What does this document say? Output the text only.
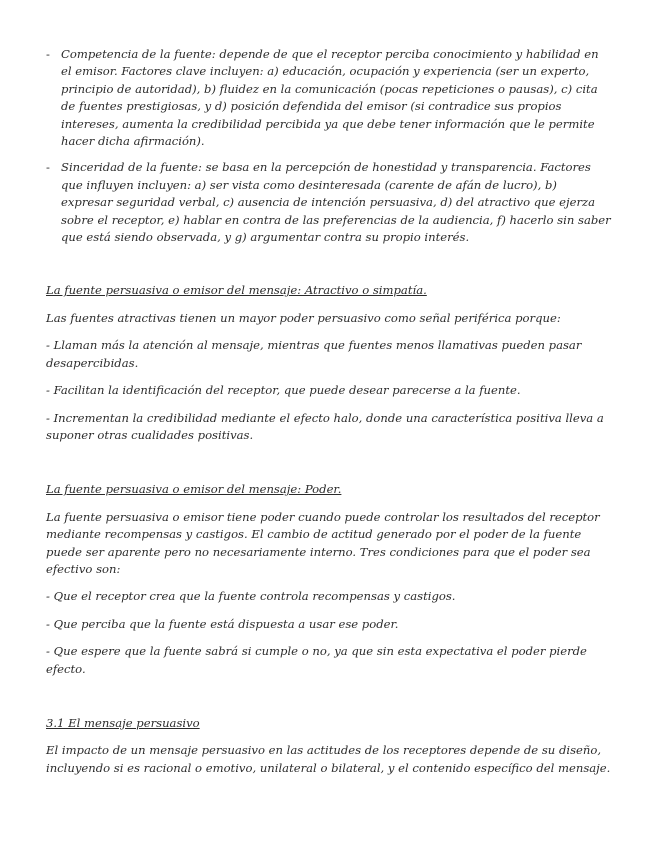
- Competencia de la fuente: depende de que el receptor perciba conocimiento y habilidad en el emisor. Factores clave incluyen: a) educación, ocupación y experiencia (ser un experto, principio de autoridad), b) fluidez en la comunicación (pocas repeticiones o pausas), c) cita de fuentes prestigiosas, y d) posición defendida del emisor (si contradice sus propios intereses, aumenta la credibilidad percibida ya que debe tener información que le permite hacer dicha afirmación).
- Sinceridad de la fuente: se basa en la percepción de honestidad y transparencia. Factores que influyen incluyen: a) ser vista como desinteresada (carente de afán de lucro), b) expresar seguridad verbal, c) ausencia de intención persuasiva, d) del atractivo que ejerza sobre el receptor, e) hablar en contra de las preferencias de la audiencia, f) hacerlo sin saber que está siendo observada, y g) argumentar contra su propio interés.
La fuente persuasiva o emisor del mensaje: Atractivo o simpatía.

Las fuentes atractivas tienen un mayor poder persuasivo como señal periférica porque:

- Llaman más la atención al mensaje, mientras que fuentes menos llamativas pueden pasar desapercibidas.

- Facilitan la identificación del receptor, que puede desear parecerse a la fuente.

- Incrementan la credibilidad mediante el efecto halo, donde una característica positiva lleva a suponer otras cualidades positivas.

La fuente persuasiva o emisor del mensaje: Poder.

La fuente persuasiva o emisor tiene poder cuando puede controlar los resultados del receptor mediante recompensas y castigos. El cambio de actitud generado por el poder de la fuente puede ser aparente pero no necesariamente interno. Tres condiciones para que el poder sea efectivo son:

- Que el receptor crea que la fuente controla recompensas y castigos.

- Que perciba que la fuente está dispuesta a usar ese poder.

- Que espere que la fuente sabrá si cumple o no, ya que sin esta expectativa el poder pierde efecto.

3.1 El mensaje persuasivo

El impacto de un mensaje persuasivo en las actitudes de los receptores depende de su diseño, incluyendo si es racional o emotivo, unilateral o bilateral, y el contenido específico del mensaje.
